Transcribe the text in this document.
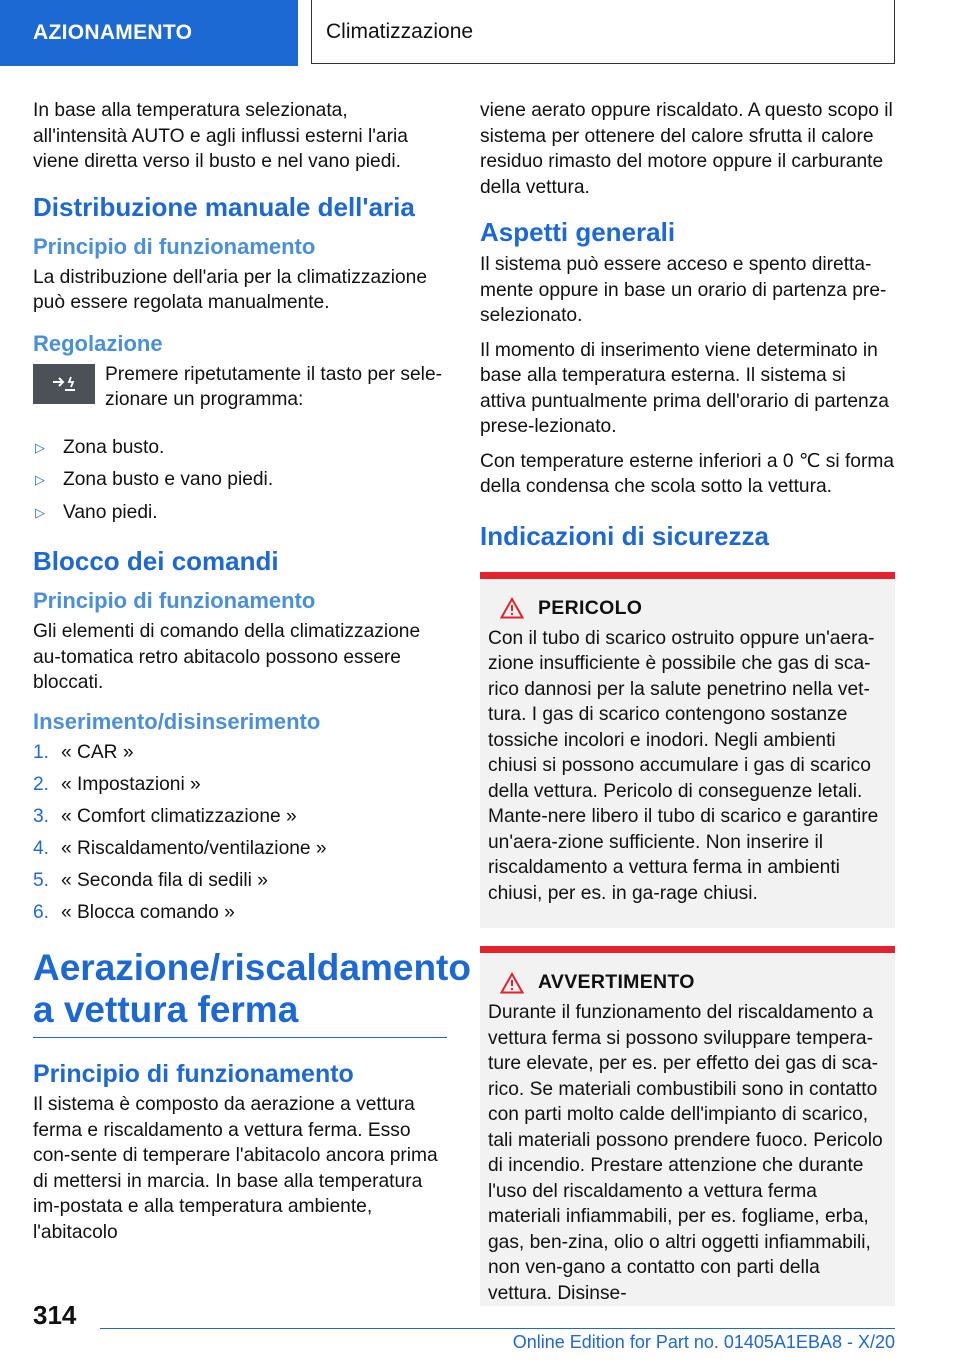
AZIONAMENTO	Climatizzazione

In base alla temperatura selezionata, all'intensità AUTO e agli influssi esterni l'aria viene diretta verso il busto e nel vano piedi.

Distribuzione manuale dell'aria
Principio di funzionamento

La distribuzione dell'aria per la climatizzazione può essere regolata manualmente.

Regolazione

Premere ripetutamente il tasto per sele-zionare un programma:

▷ Zona busto.
▷ Zona busto e vano piedi.
▷ Vano piedi.
Blocco dei comandi
Principio di funzionamento

Gli elementi di comando della climatizzazione au-tomatica retro abitacolo possono essere bloccati.

Inserimento/disinserimento
1. « CAR »
2. « Impostazioni »
3. « Comfort climatizzazione »
4. « Riscaldamento/ventilazione »
5. « Seconda fila di sedili »
6. « Blocca comando »
Aerazione/riscaldamento a vettura ferma
Principio di funzionamento

Il sistema è composto da aerazione a vettura ferma e riscaldamento a vettura ferma. Esso con-sente di temperare l'abitacolo ancora prima di mettersi in marcia. In base alla temperatura im-postata e alla temperatura ambiente, l'abitacolo

viene aerato oppure riscaldato. A questo scopo il sistema per ottenere del calore sfrutta il calore residuo rimasto del motore oppure il carburante della vettura.

Aspetti generali

Il sistema può essere acceso e spento diretta-mente oppure in base un orario di partenza pre-selezionato.

Il momento di inserimento viene determinato in base alla temperatura esterna. Il sistema si attiva puntualmente prima dell'orario di partenza prese-lezionato.

Con temperature esterne inferiori a 0 ℃ si forma della condensa che scola sotto la vettura.

Indicazioni di sicurezza
PERICOLO

Con il tubo di scarico ostruito oppure un'aera-zione insufficiente è possibile che gas di sca-rico dannosi per la salute penetrino nella vet-tura. I gas di scarico contengono sostanze tossiche incolori e inodori. Negli ambienti chiusi si possono accumulare i gas di scarico della vettura. Pericolo di conseguenze letali. Mante-nere libero il tubo di scarico e garantire un'aera-zione sufficiente. Non inserire il riscaldamento a vettura ferma in ambienti chiusi, per es. in ga-rage chiusi.

AVVERTIMENTO

Durante il funzionamento del riscaldamento a vettura ferma si possono sviluppare tempera-ture elevate, per es. per effetto dei gas di sca-rico. Se materiali combustibili sono in contatto con parti molto calde dell'impianto di scarico, tali materiali possono prendere fuoco. Pericolo di incendio. Prestare attenzione che durante l'uso del riscaldamento a vettura ferma materiali infiammabili, per es. fogliame, erba, gas, ben-zina, olio o altri oggetti infiammabili, non ven-gano a contatto con parti della vettura. Disinse-

314
Online Edition for Part no. 01405A1EBA8 - X/20
